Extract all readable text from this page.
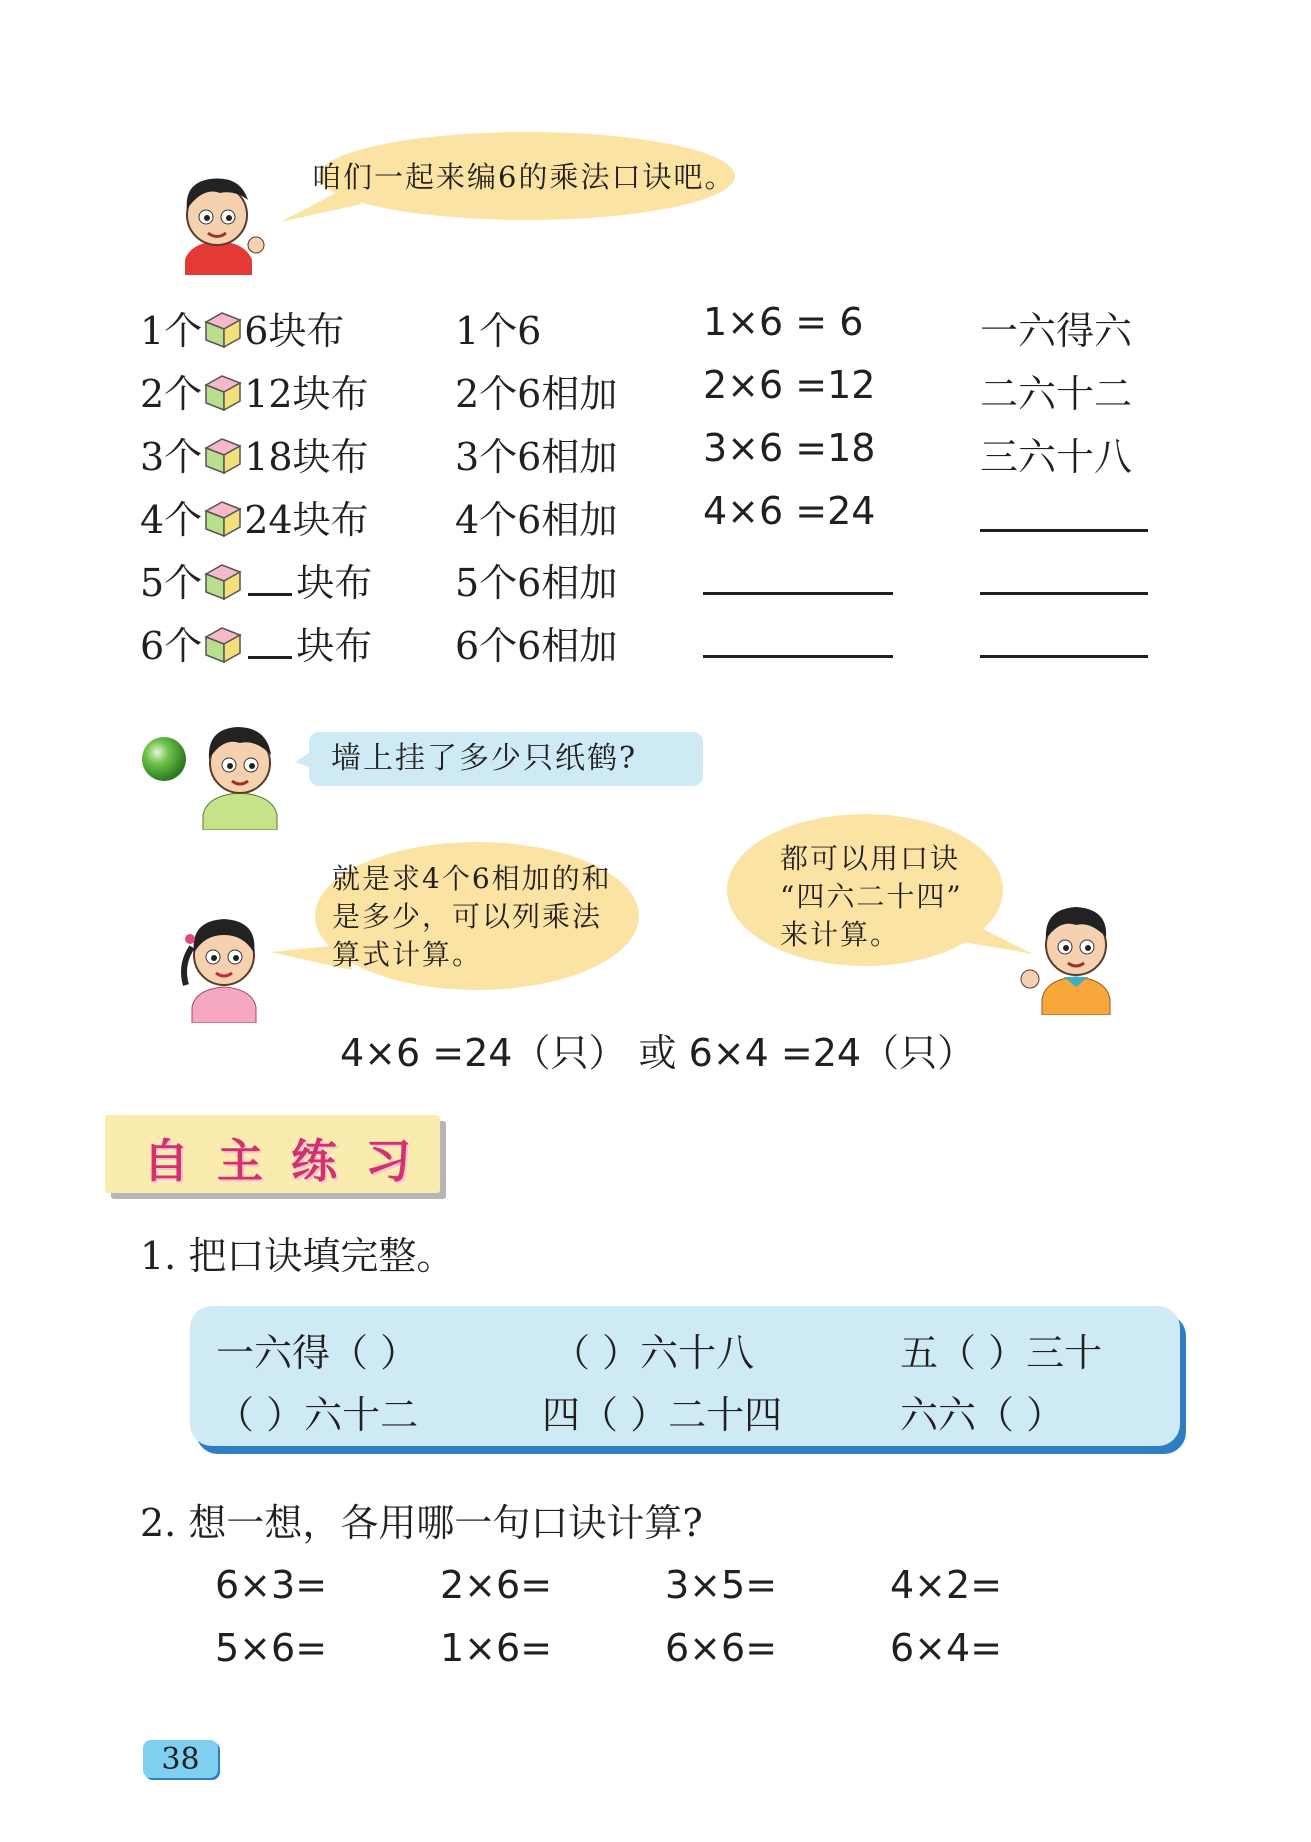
咱们一起来编6的乘法口诀吧。
1个 6块布	1个6	1×6 = 6	一六得六
2个 12块布 2个6相加 2×6 =12	二六十二
3个 18块布 3个6相加 3×6 =18	三六十八
4个 24块布 4个6相加 4×6 =24
5个 块布 5个6相加
6个 块布 6个6相加
墙上挂了多少只纸鹤?
就是求4个6相加的和
是多少，可以列乘法
算式计算。
都可以用口诀
“四六二十四”
来计算。
4×6 =24（只） 或 6×4 =24（只）
自 主 练 习
1. 把口诀填完整。
一六得（ ）	（ ）六十八	五（ ）三十
（ ）六十二	四（ ）二十四	六六（ ）
2. 想一想，各用哪一句口诀计算?
6×3=	2×6=	3×5=	4×2=
5×6=	1×6=	6×6=	6×4=
38
